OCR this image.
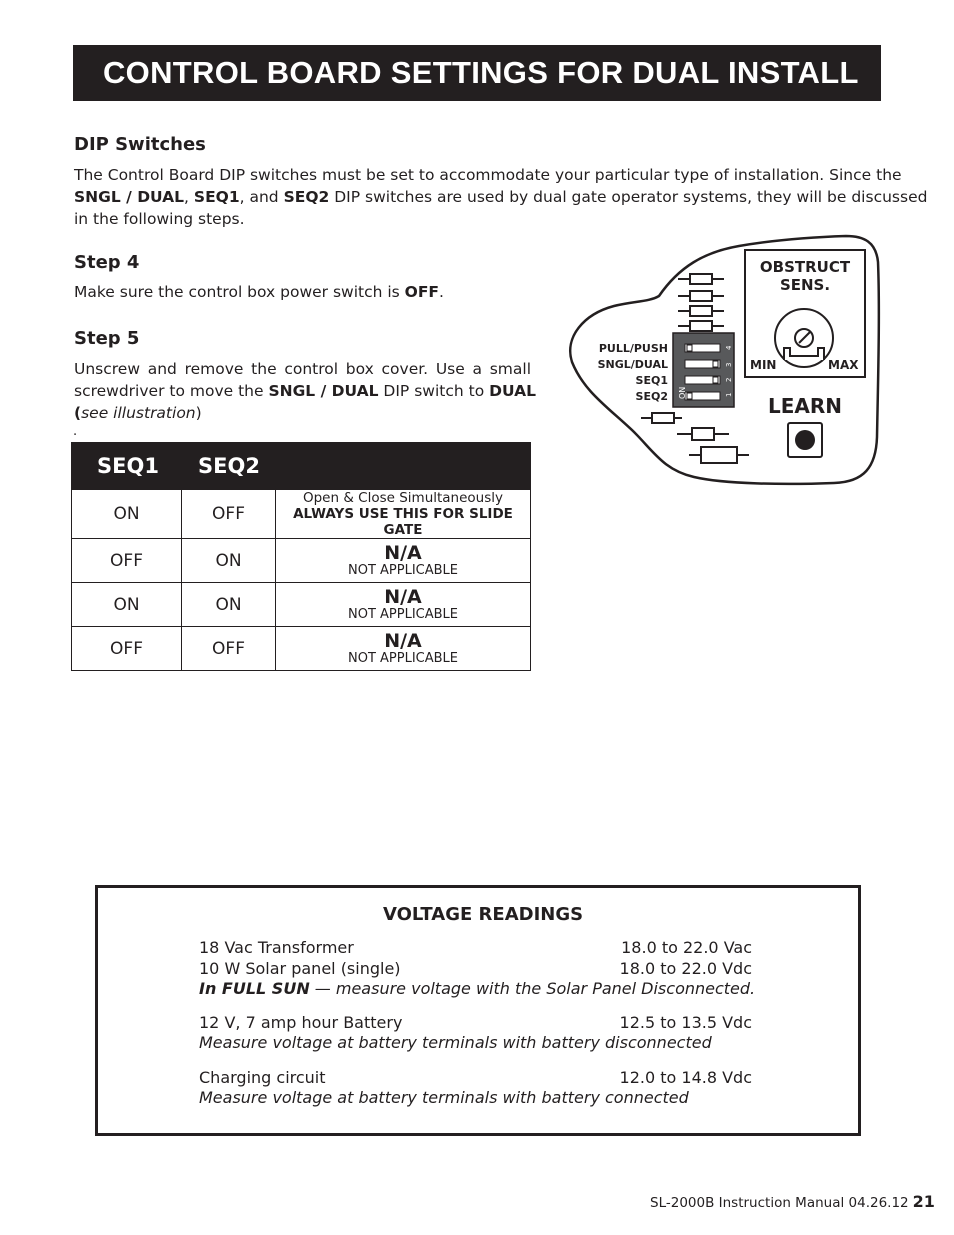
CONTROL BOARD SETTINGS FOR DUAL INSTALL
DIP Switches
The Control Board DIP switches must be set to accommodate your particular type of installation. Since the
SNGL / DUAL, SEQ1, and SEQ2 DIP switches are used by dual gate operator systems, they will be discussed
in the following steps.
Step 4
Make sure the control box power switch is OFF.
Step 5
Unscrew and remove the control box cover. Use a small
screwdriver to move the SNGL / DUAL DIP switch to DUAL
(see illustration)
.
SEQ1	SEQ2	
ON	OFF	Open & Close Simultaneously
ALWAYS USE THIS FOR SLIDE GATE

OFF	ON	N/A
NOT APPLICABLE

ON	ON	N/A
NOT APPLICABLE

OFF	OFF	N/A
NOT APPLICABLE
ON
4
3
2
1
PULL/PUSH
SNGL/DUAL
SEQ1
SEQ2
OBSTRUCT
SENS.
MIN	MAX
LEARN
VOLTAGE READINGS
18 Vac Transformer	18.0 to 22.0 Vac
10 W Solar panel (single)	18.0 to 22.0 Vdc
In FULL SUN — measure voltage with the Solar Panel Disconnected.
12 V, 7 amp hour Battery	12.5 to 13.5 Vdc
Measure voltage at battery terminals with battery disconnected
Charging circuit	12.0 to 14.8 Vdc
Measure voltage at battery terminals with battery connected
SL-2000B Instruction Manual 04.26.12 21
